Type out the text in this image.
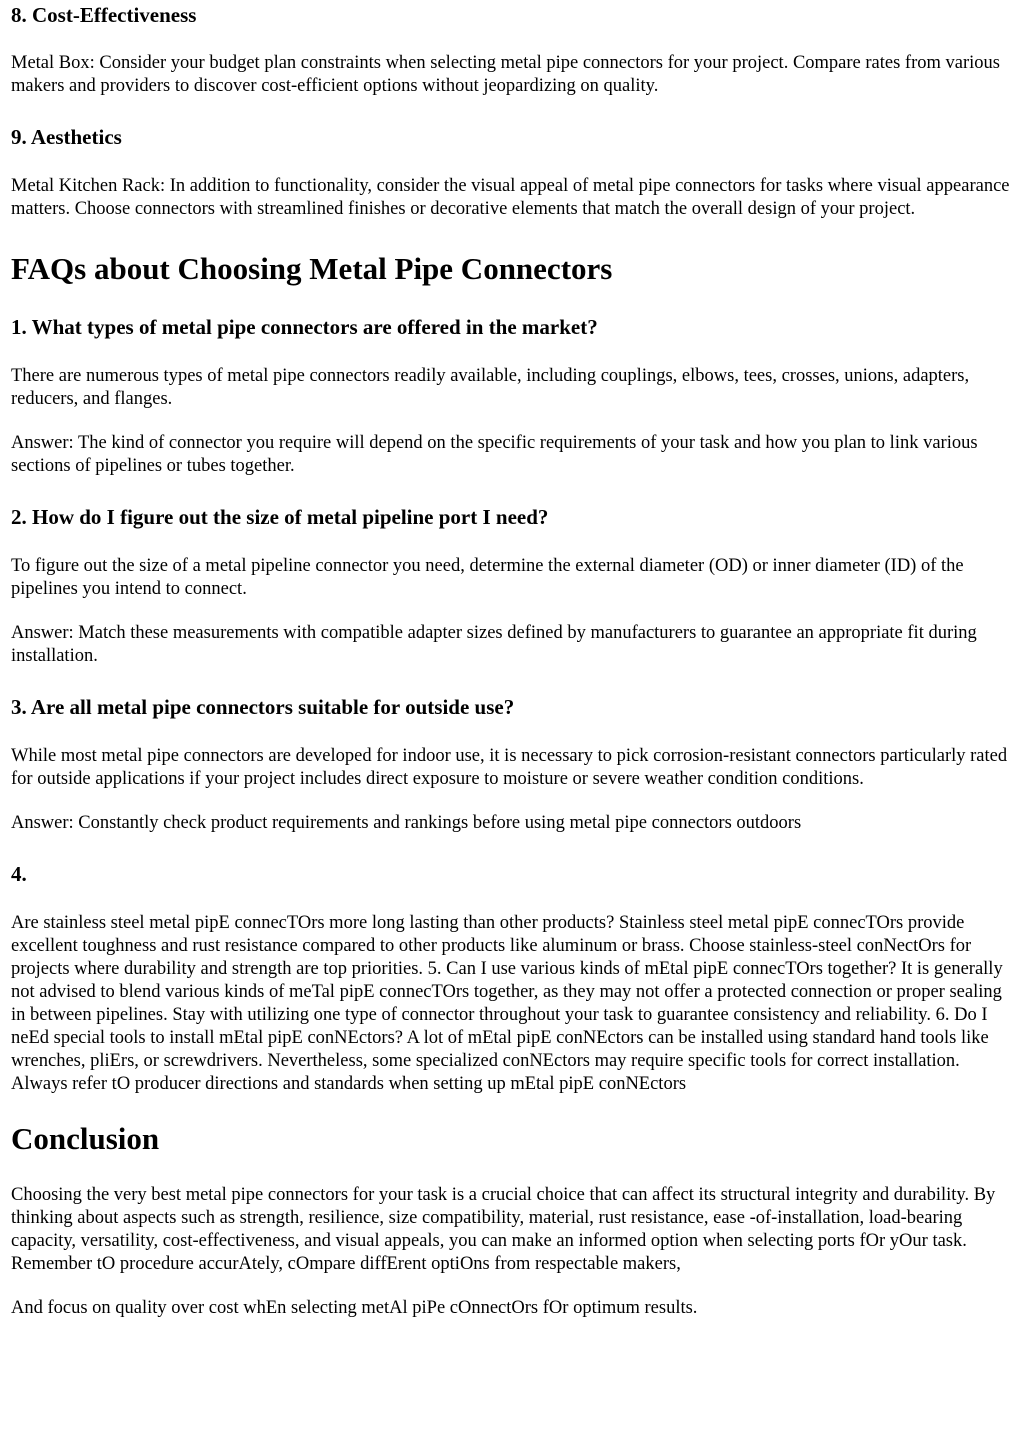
8. Cost-Effectiveness

Metal Box: Consider your budget plan constraints when selecting metal pipe connectors for your project. Compare rates from various makers and providers to discover cost-efficient options without jeopardizing on quality.

9. Aesthetics

Metal Kitchen Rack: In addition to functionality, consider the visual appeal of metal pipe connectors for tasks where visual appearance matters. Choose connectors with streamlined finishes or decorative elements that match the overall design of your project.

FAQs about Choosing Metal Pipe Connectors
1. What types of metal pipe connectors are offered in the market?

There are numerous types of metal pipe connectors readily available, including couplings, elbows, tees, crosses, unions, adapters, reducers, and flanges.

Answer: The kind of connector you require will depend on the specific requirements of your task and how you plan to link various sections of pipelines or tubes together.

2. How do I figure out the size of metal pipeline port I need?

To figure out the size of a metal pipeline connector you need, determine the external diameter (OD) or inner diameter (ID) of the pipelines you intend to connect.

Answer: Match these measurements with compatible adapter sizes defined by manufacturers to guarantee an appropriate fit during installation.

3. Are all metal pipe connectors suitable for outside use?

While most metal pipe connectors are developed for indoor use, it is necessary to pick corrosion-resistant connectors particularly rated for outside applications if your project includes direct exposure to moisture or severe weather condition conditions.

Answer: Constantly check product requirements and rankings before using metal pipe connectors outdoors

4.

Are stainless steel metal pipE connecTOrs more long lasting than other products? Stainless steel metal pipE connecTOrs provide excellent toughness and rust resistance compared to other products like aluminum or brass. Choose stainless-steel conNectOrs for projects where durability and strength are top priorities. 5. Can I use various kinds of mEtal pipE connecTOrs together? It is generally not advised to blend various kinds of meTal pipE connecTOrs together, as they may not offer a protected connection or proper sealing in between pipelines. Stay with utilizing one type of connector throughout your task to guarantee consistency and reliability. 6. Do I neEd special tools to install mEtal pipE conNEctors? A lot of mEtal pipE conNEctors can be installed using standard hand tools like wrenches, pliErs, or screwdrivers. Nevertheless, some specialized conNEctors may require specific tools for correct installation. Always refer tO producer directions and standards when setting up mEtal pipE conNEctors

Conclusion

Choosing the very best metal pipe connectors for your task is a crucial choice that can affect its structural integrity and durability. By thinking about aspects such as strength, resilience, size compatibility, material, rust resistance, ease -of-installation, load-bearing capacity, versatility, cost-effectiveness, and visual appeals, you can make an informed option when selecting ports fOr yOur task. Remember tO procedure accurAtely, cOmpare diffErent optiOns from respectable makers,

And focus on quality over cost whEn selecting metAl piPe cOnnectOrs fOr optimum results.
